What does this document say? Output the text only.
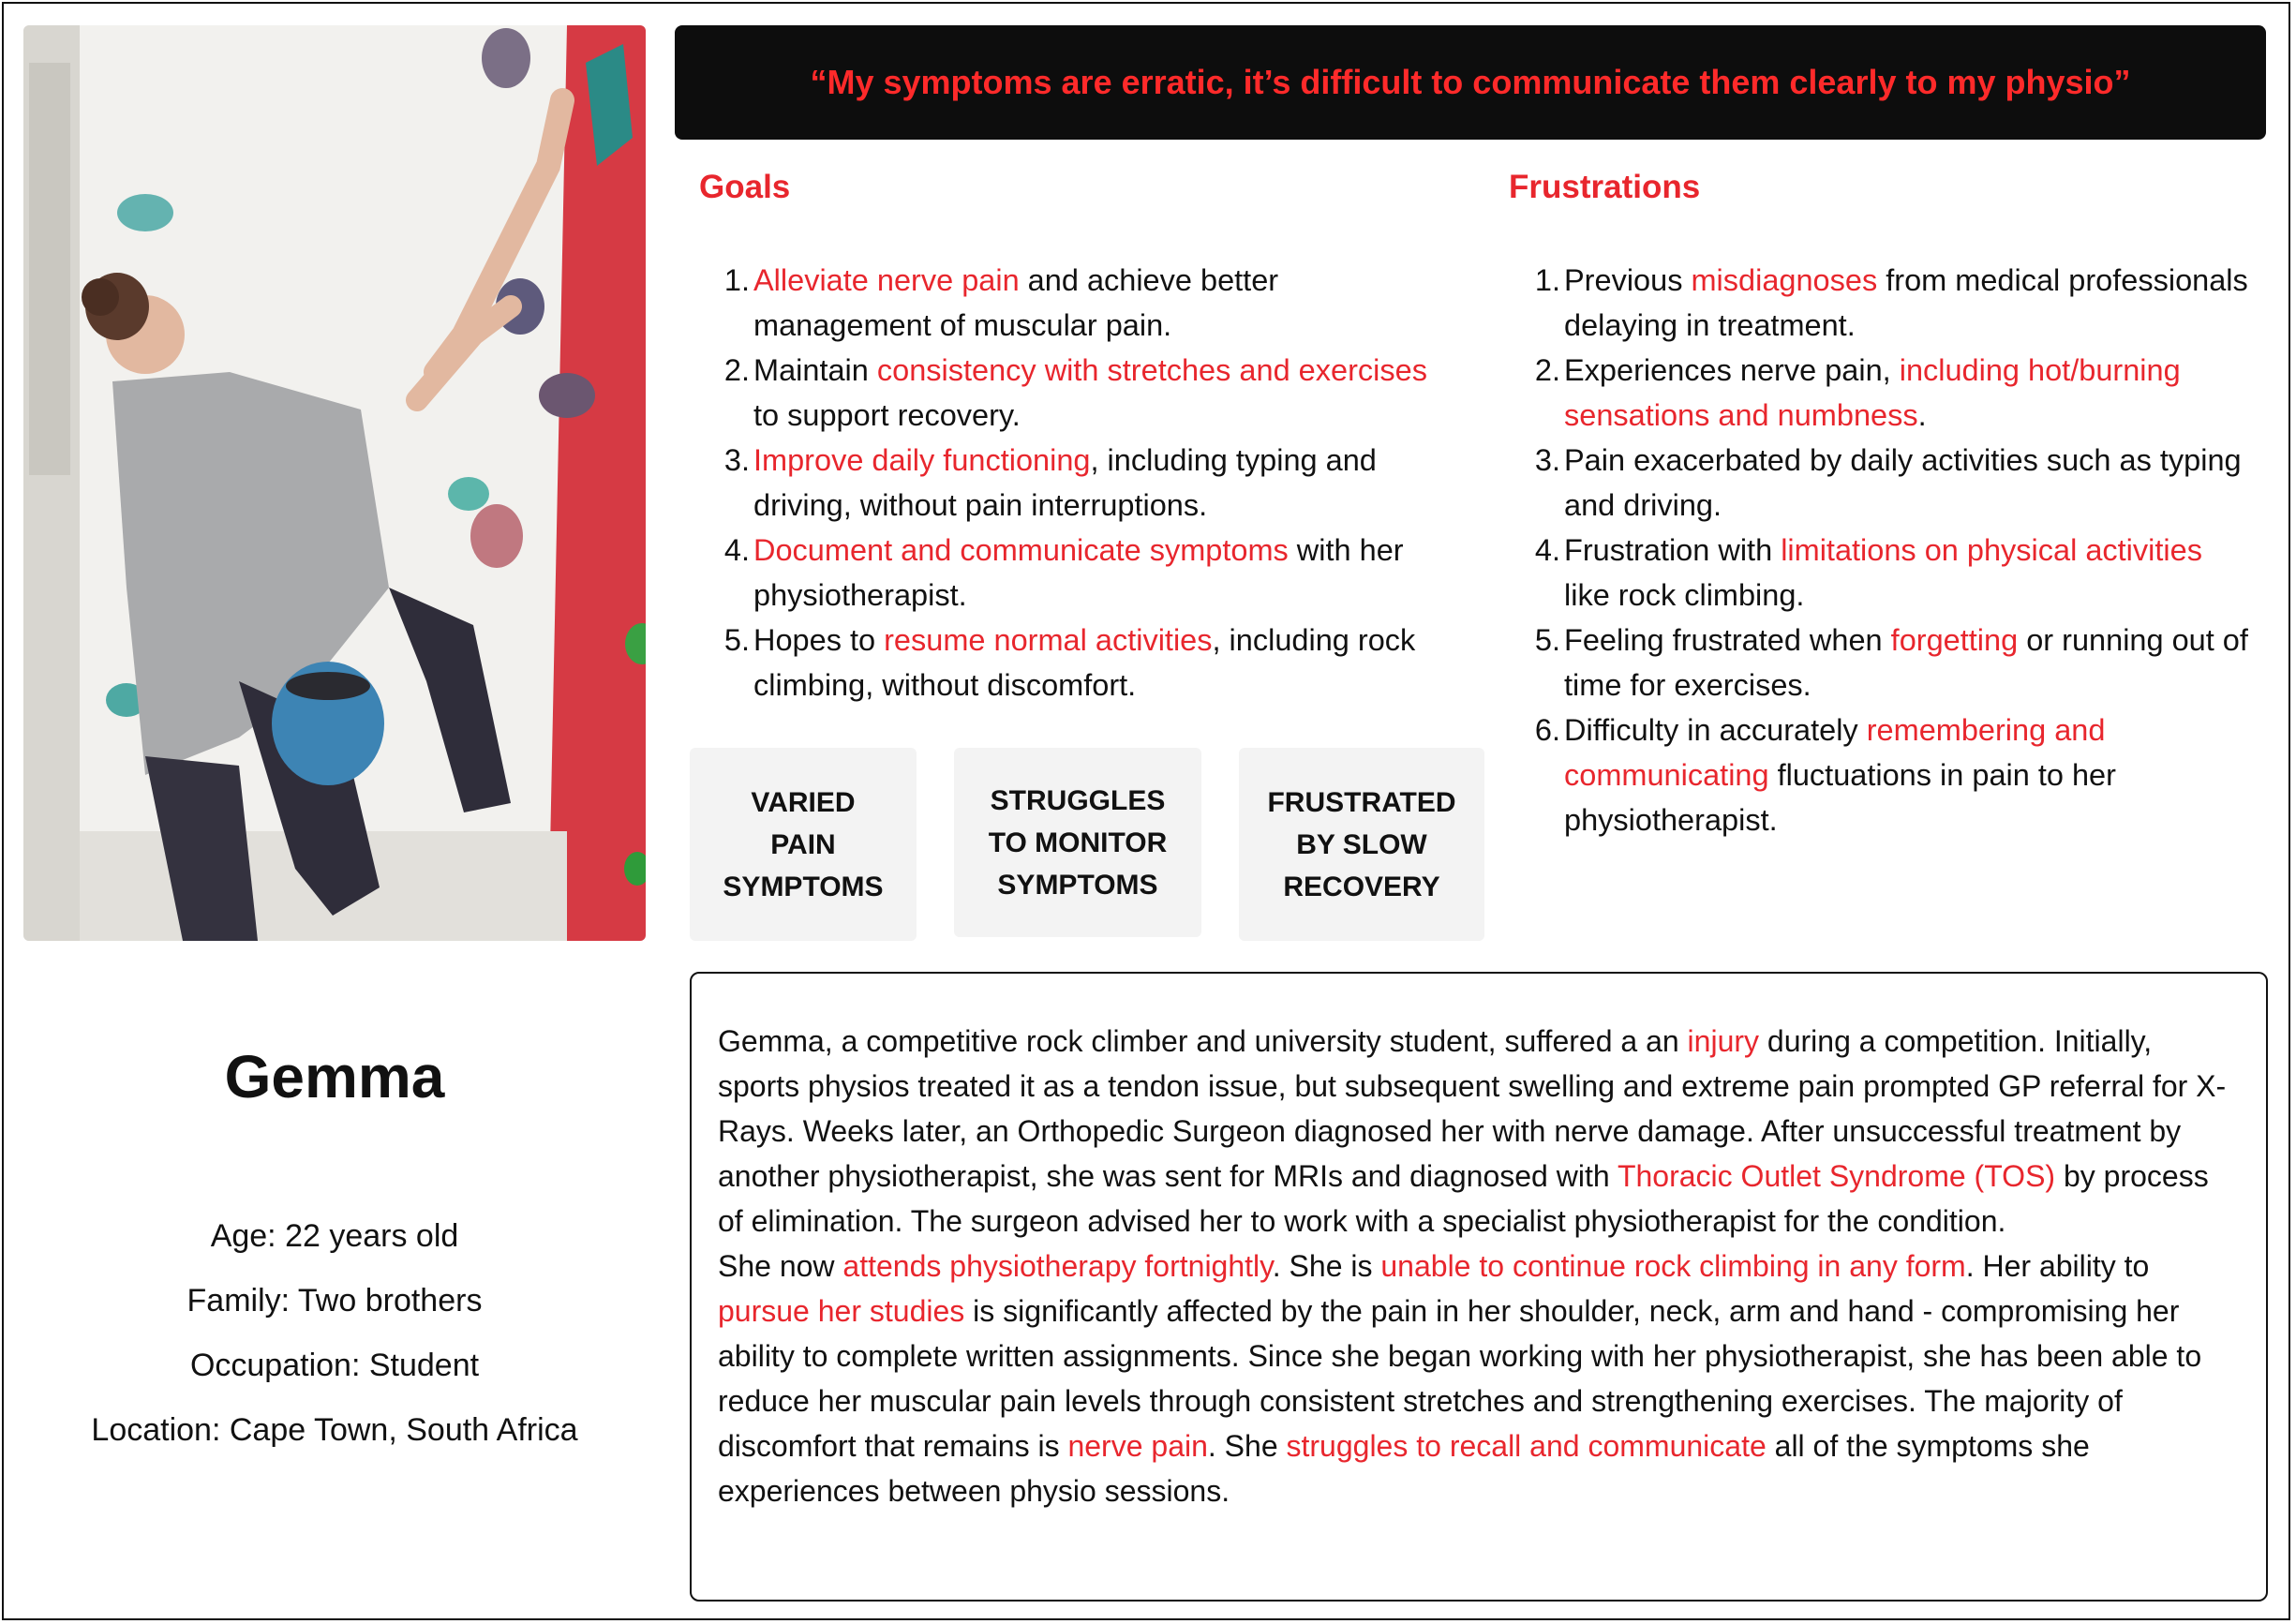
“My symptoms are erratic, it’s difficult to communicate them clearly to my physio”
Goals
1. Alleviate nerve pain and achieve better management of muscular pain.
2. Maintain consistency with stretches and exercises to support recovery.
3. Improve daily functioning, including typing and driving, without pain interruptions.
4. Document and communicate symptoms with her physiotherapist.
5. Hopes to resume normal activities, including rock climbing, without discomfort.
Frustrations
1. Previous misdiagnoses from medical professionals delaying in treatment.
2. Experiences nerve pain, including hot/burning sensations and numbness.
3. Pain exacerbated by daily activities such as typing and driving.
4. Frustration with limitations on physical activities like rock climbing.
5. Feeling frustrated when forgetting or running out of time for exercises.
6. Difficulty in accurately remembering and communicating fluctuations in pain to her physiotherapist.
VARIED
PAIN
SYMPTOMS
STRUGGLES
TO MONITOR
SYMPTOMS
FRUSTRATED
BY SLOW
RECOVERY
Gemma
Age: 22 years old
Family: Two brothers
Occupation: Student
Location: Cape Town, South Africa

Gemma, a competitive rock climber and university student, suffered a an injury during a competition. Initially, sports physios treated it as a tendon issue, but subsequent swelling and extreme pain prompted GP referral for X-Rays. Weeks later, an Orthopedic Surgeon diagnosed her with nerve damage. After unsuccessful treatment by another physiotherapist, she was sent for MRIs and diagnosed with Thoracic Outlet Syndrome (TOS) by process of elimination. The surgeon advised her to work with a specialist physiotherapist for the condition.

She now attends physiotherapy fortnightly. She is unable to continue rock climbing in any form. Her ability to pursue her studies is significantly affected by the pain in her shoulder, neck, arm and hand - compromising her ability to complete written assignments. Since she began working with her physiotherapist, she has been able to reduce her muscular pain levels through consistent stretches and strengthening exercises. The majority of discomfort that remains is nerve pain. She struggles to recall and communicate all of the symptoms she experiences between physio sessions.
